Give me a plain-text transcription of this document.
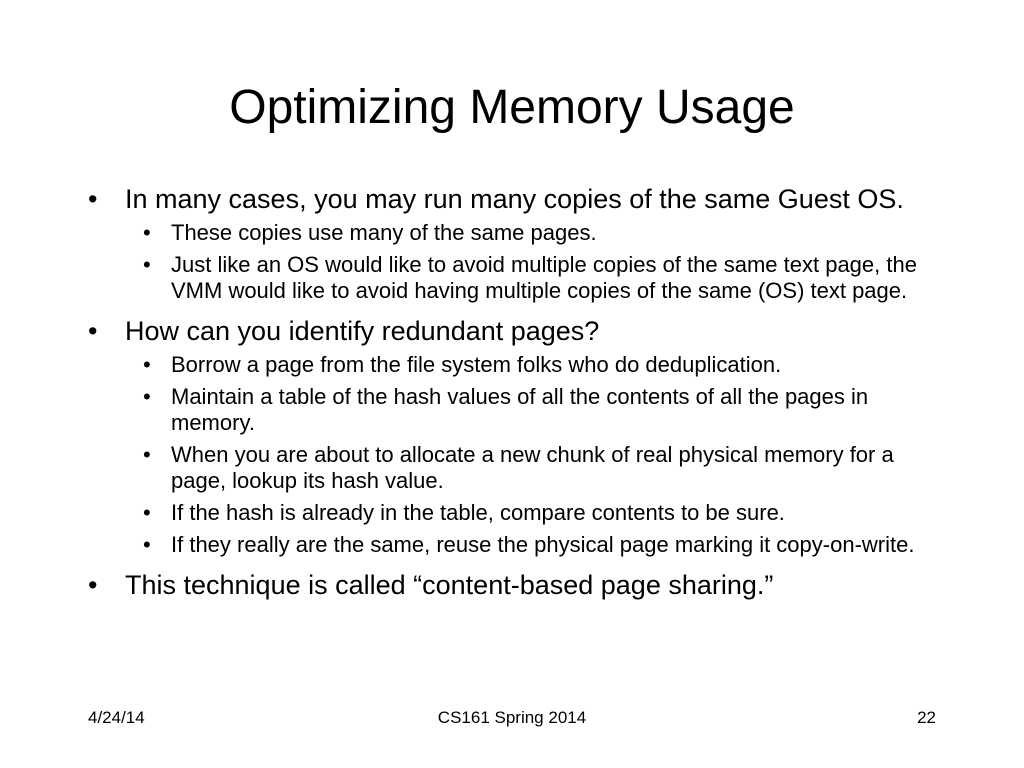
Optimizing Memory Usage
• In many cases, you may run many copies of the same Guest OS.
• These copies use many of the same pages.
• Just like an OS would like to avoid multiple copies of the same text page, the VMM would like to avoid having multiple copies of the same (OS) text page.
• How can you identify redundant pages?
• Borrow a page from the file system folks who do deduplication.
• Maintain a table of the hash values of all the contents of all the pages in memory.
• When you are about to allocate a new chunk of real physical memory for a page, lookup its hash value.
• If the hash is already in the table, compare contents to be sure.
• If they really are the same, reuse the physical page marking it copy-on-write.
• This technique is called “content-based page sharing.”
4/24/14	CS161 Spring 2014	22
